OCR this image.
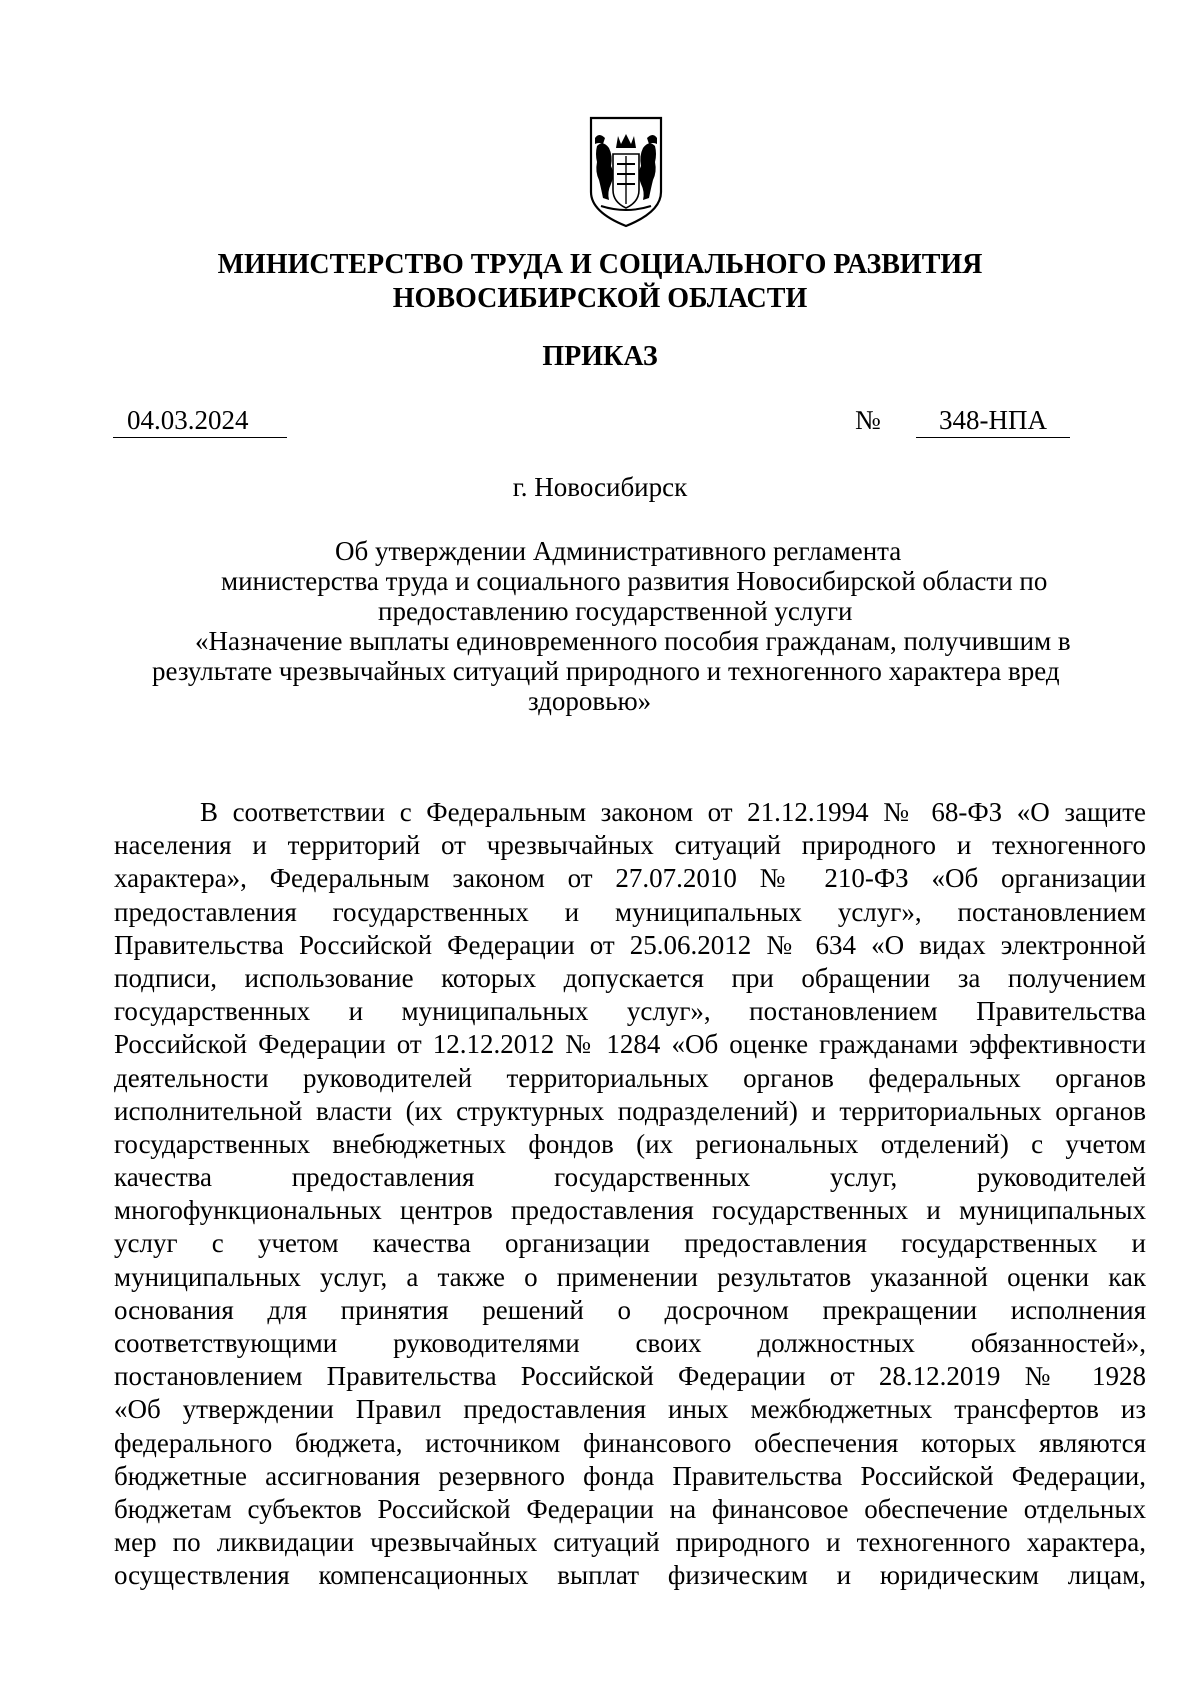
МИНИСТЕРСТВО ТРУДА И СОЦИАЛЬНОГО РАЗВИТИЯ
НОВОСИБИРСКОЙ ОБЛАСТИ
ПРИКАЗ
04.03.2024	№	348-НПА
г. Новосибирск
Об утверждении Административного регламента
министерства труда и социального развития Новосибирской области по
предоставлению государственной услуги
«Назначение выплаты единовременного пособия гражданам, получившим в
результате чрезвычайных ситуаций природного и техногенного характера вред
здоровью»
В соответствии с Федеральным законом от 21.12.1994 № 68-ФЗ «О защите
населения и территорий от чрезвычайных ситуаций природного и техногенного
характера», Федеральным законом от 27.07.2010 № 210-ФЗ «Об организации
предоставления государственных и муниципальных услуг», постановлением
Правительства Российской Федерации от 25.06.2012 № 634 «О видах электронной
подписи, использование которых допускается при обращении за получением
государственных и муниципальных услуг», постановлением Правительства
Российской Федерации от 12.12.2012 № 1284 «Об оценке гражданами эффективности
деятельности руководителей территориальных органов федеральных органов
исполнительной власти (их структурных подразделений) и территориальных органов
государственных внебюджетных фондов (их региональных отделений) с учетом
качества предоставления государственных услуг, руководителей
многофункциональных центров предоставления государственных и муниципальных
услуг с учетом качества организации предоставления государственных и
муниципальных услуг, а также о применении результатов указанной оценки как
основания для принятия решений о досрочном прекращении исполнения
соответствующими руководителями своих должностных обязанностей»,
постановлением Правительства Российской Федерации от 28.12.2019 № 1928
«Об утверждении Правил предоставления иных межбюджетных трансфертов из
федерального бюджета, источником финансового обеспечения которых являются
бюджетные ассигнования резервного фонда Правительства Российской Федерации,
бюджетам субъектов Российской Федерации на финансовое обеспечение отдельных
мер по ликвидации чрезвычайных ситуаций природного и техногенного характера,
осуществления компенсационных выплат физическим и юридическим лицам,
